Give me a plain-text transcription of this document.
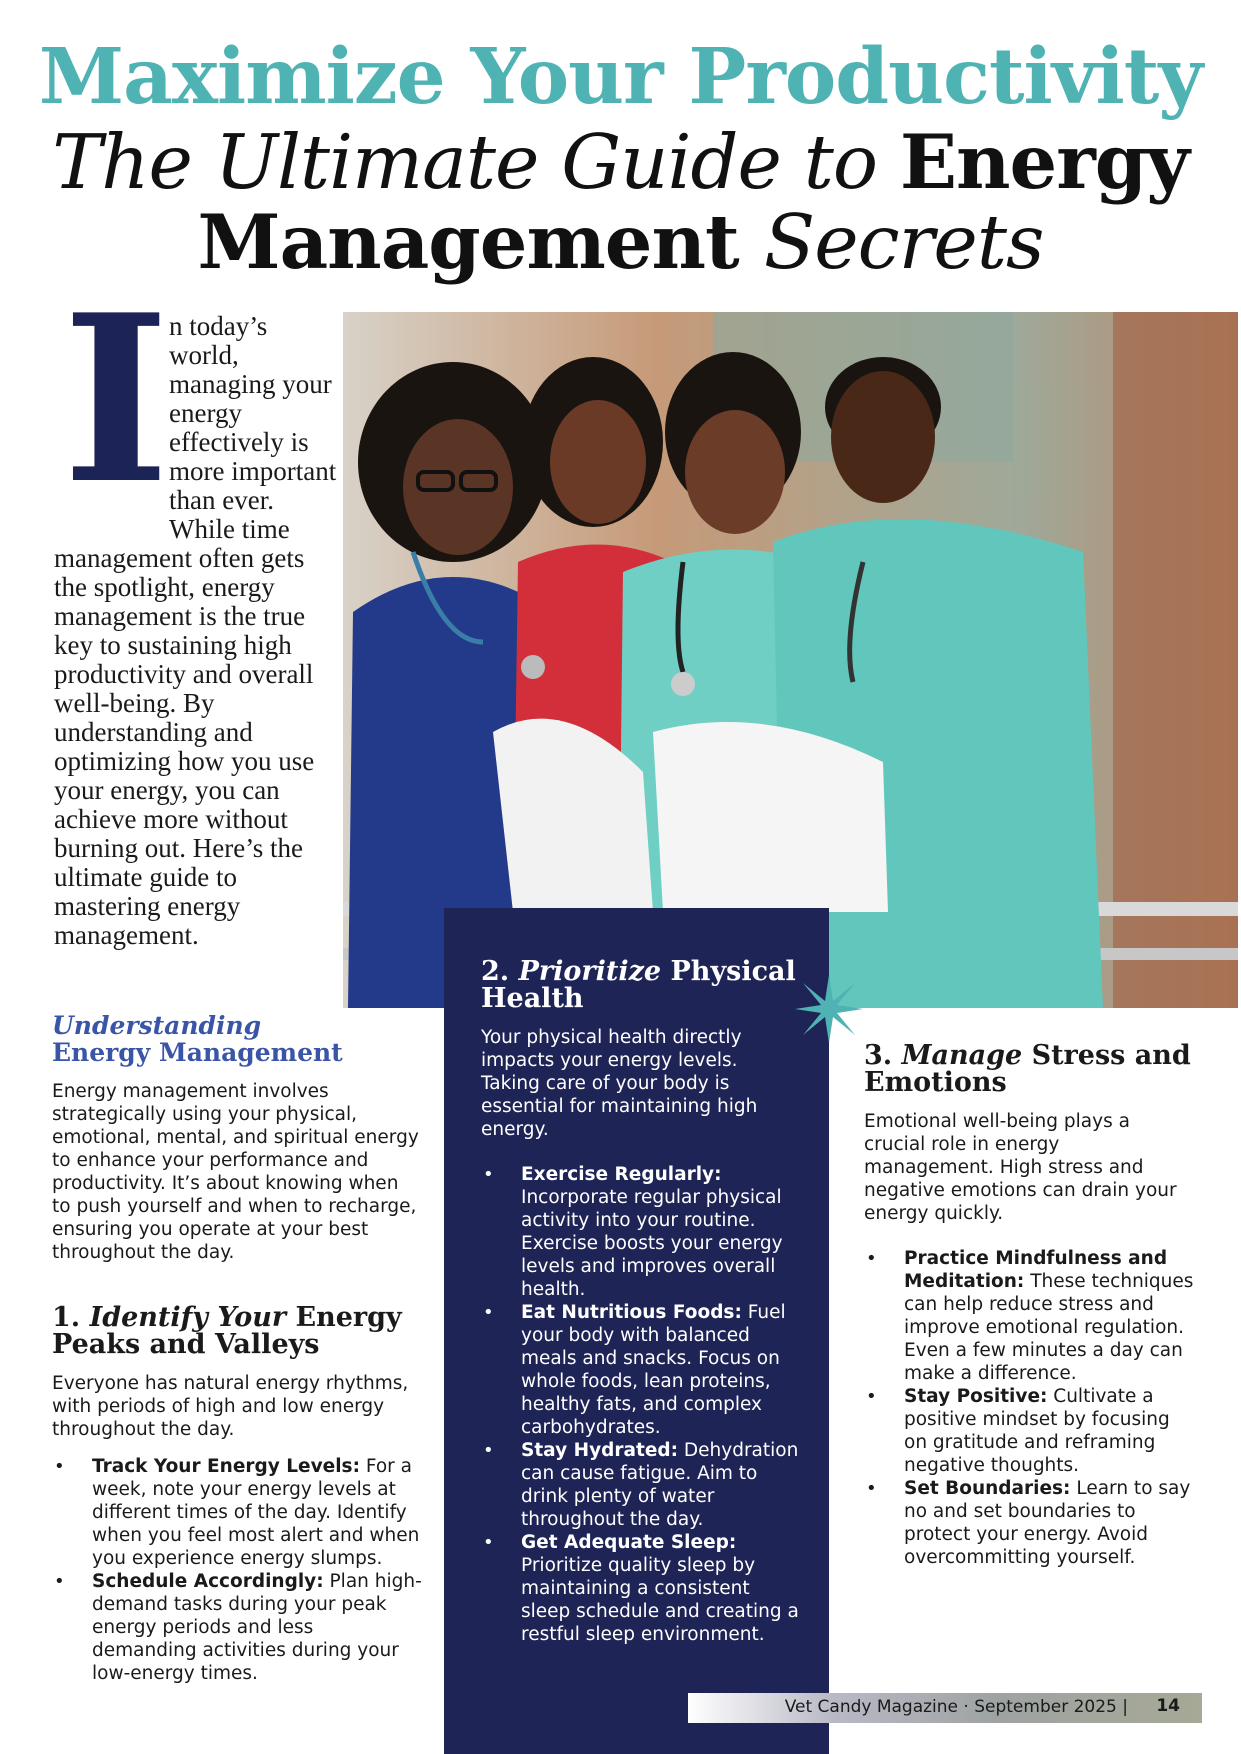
Maximize Your Productivity
The Ultimate Guide to Energy
Management Secrets
I n today’s world, managing your energy effectively is more important than ever. While time management often gets the spotlight, energy management is the true key to sustaining high productivity and overall well-being. By understanding and optimizing how you use your energy, you can achieve more without burning out. Here’s the ultimate guide to mastering energy management.
Understanding
Energy Management

Energy management involves strategically using your physical, emotional, mental, and spiritual energy to enhance your performance and productivity. It’s about knowing when to push yourself and when to recharge, ensuring you operate at your best throughout the day.

1. Identify Your Energy Peaks and Valleys

Everyone has natural energy rhythms, with periods of high and low energy throughout the day.

• Track Your Energy Levels: For a week, note your energy levels at different times of the day. Identify when you feel most alert and when you experience energy slumps.
• Schedule Accordingly: Plan high-demand tasks during your peak energy periods and less demanding activities during your low-energy times.
2. Prioritize Physical Health

Your physical health directly impacts your energy levels. Taking care of your body is essential for maintaining high energy.

• Exercise Regularly: Incorporate regular physical activity into your routine. Exercise boosts your energy levels and improves overall health.
• Eat Nutritious Foods: Fuel your body with balanced meals and snacks. Focus on whole foods, lean proteins, healthy fats, and complex carbohydrates.
• Stay Hydrated: Dehydration can cause fatigue. Aim to drink plenty of water throughout the day.
• Get Adequate Sleep: Prioritize quality sleep by maintaining a consistent sleep schedule and creating a restful sleep environment.
3. Manage Stress and Emotions

Emotional well-being plays a crucial role in energy management. High stress and negative emotions can drain your energy quickly.

• Practice Mindfulness and Meditation: These techniques can help reduce stress and improve emotional regulation. Even a few minutes a day can make a difference.
• Stay Positive: Cultivate a positive mindset by focusing on gratitude and reframing negative thoughts.
• Set Boundaries: Learn to say no and set boundaries to protect your energy. Avoid overcommitting yourself.
Vet Candy Magazine · September 2025 | 14
